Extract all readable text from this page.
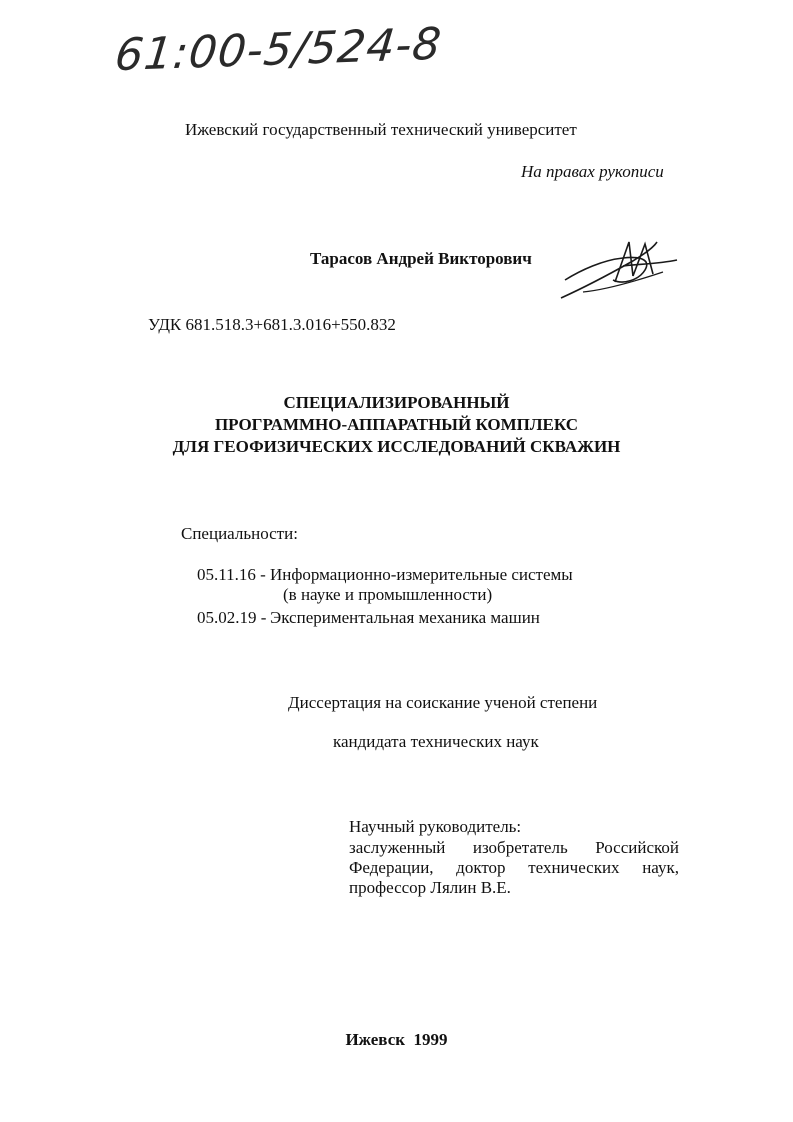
61:00-5/524-8
Ижевский государственный технический университет
На правах рукописи
Тарасов Андрей Викторович
УДК 681.518.3+681.3.016+550.832
СПЕЦИАЛИЗИРОВАННЫЙ
ПРОГРАММНО-АППАРАТНЫЙ КОМПЛЕКС
ДЛЯ ГЕОФИЗИЧЕСКИХ ИССЛЕДОВАНИЙ СКВАЖИН
Специальности:
05.11.16 - Информационно-измерительные системы
(в науке и промышленности)
05.02.19 - Экспериментальная механика машин
Диссертация на соискание ученой степени
кандидата технических наук
Научный руководитель:
заслуженный изобретатель Российской
Федерации, доктор технических наук,
профессор Лялин В.Е.
Ижевск  1999
